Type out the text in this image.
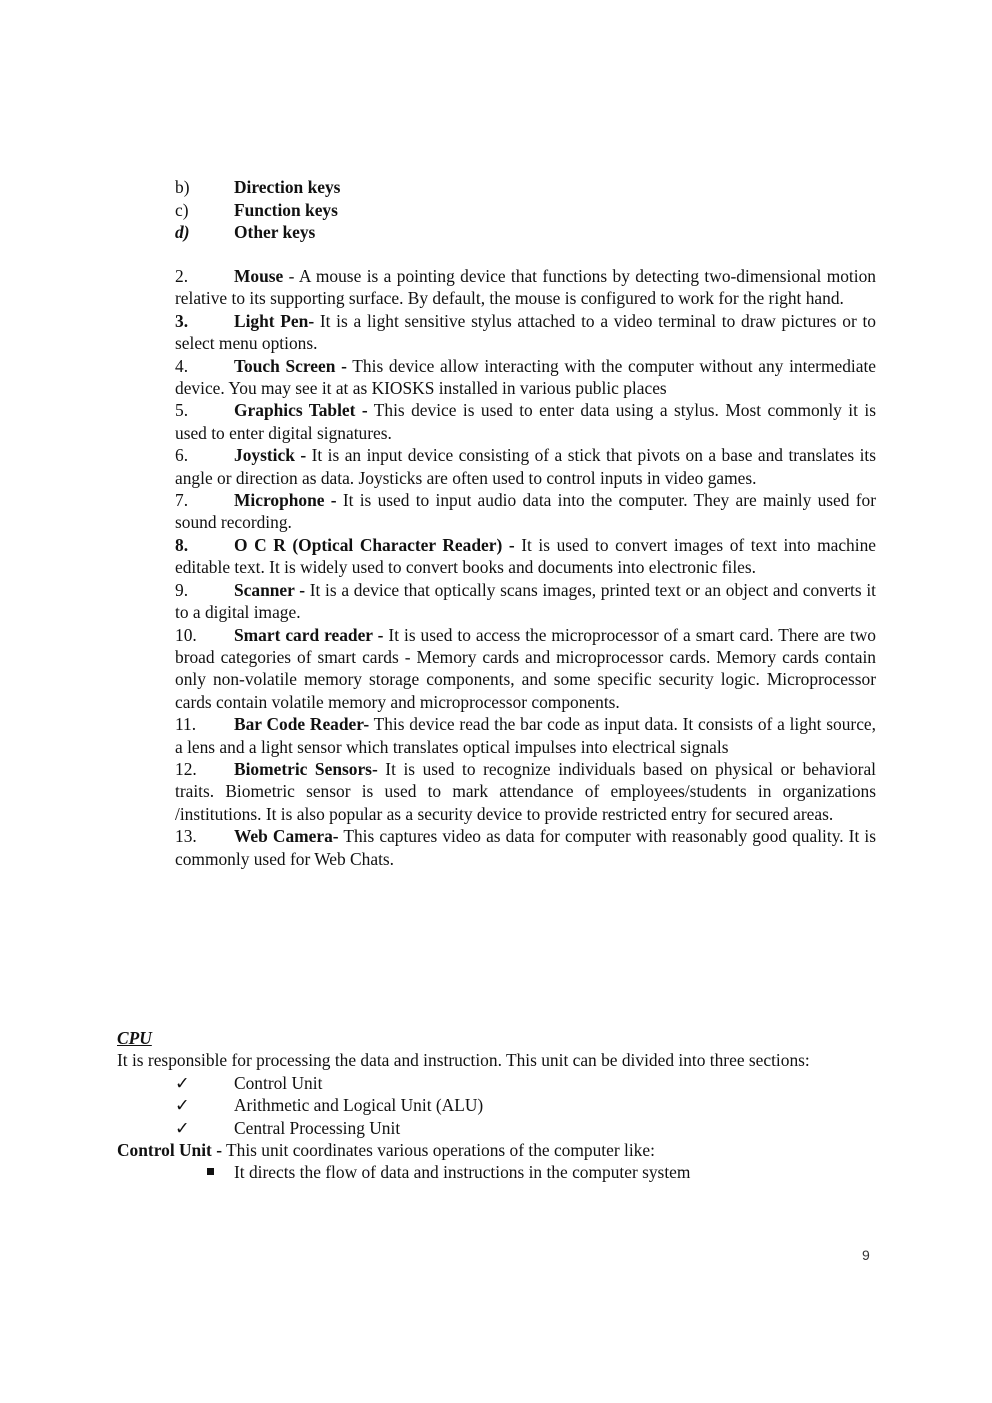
b)	Direction keys
c)	Function keys
d)	Other keys
2.	Mouse - A mouse is a pointing device that functions by detecting two-dimensional motion relative to its supporting surface. By default, the mouse is configured to work for the right hand.
3.	Light Pen- It is a light sensitive stylus attached to a video terminal to draw pictures or to select menu options.
4.	Touch Screen - This device allow interacting with the computer without any intermediate device. You may see it at as KIOSKS installed in various public places
5.	Graphics Tablet - This device is used to enter data using a stylus. Most commonly it is used to enter digital signatures.
6.	Joystick - It is an input device consisting of a stick that pivots on a base and translates its angle or direction as data. Joysticks are often used to control inputs in video games.
7.	Microphone - It is used to input audio data into the computer. They are mainly used for sound recording.
8.	O C R (Optical Character Reader) - It is used to convert images of text into machine editable text. It is widely used to convert books and documents into electronic files.
9.	Scanner - It is a device that optically scans images, printed text or an object and converts it to a digital image.
10. Smart card reader - It is used to access the microprocessor of a smart card. There are two broad categories of smart cards - Memory cards and microprocessor cards. Memory cards contain only non-volatile memory storage components, and some specific security logic. Microprocessor cards contain volatile memory and microprocessor components.
11. Bar Code Reader- This device read the bar code as input data. It consists of a light source, a lens and a light sensor which translates optical impulses into electrical signals
12. Biometric Sensors- It is used to recognize individuals based on physical or behavioral traits. Biometric sensor is used to mark attendance of employees/students in organizations /institutions. It is also popular as a security device to provide restricted entry for secured areas.
13. Web Camera- This captures video as data for computer with reasonably good quality. It is commonly used for Web Chats.
CPU
It is responsible for processing the data and instruction. This unit can be divided into three sections:
✓	Control Unit
✓	Arithmetic and Logical Unit (ALU)
✓	Central Processing Unit
Control Unit - This unit coordinates various operations of the computer like:
It directs the flow of data and instructions in the computer system
9
